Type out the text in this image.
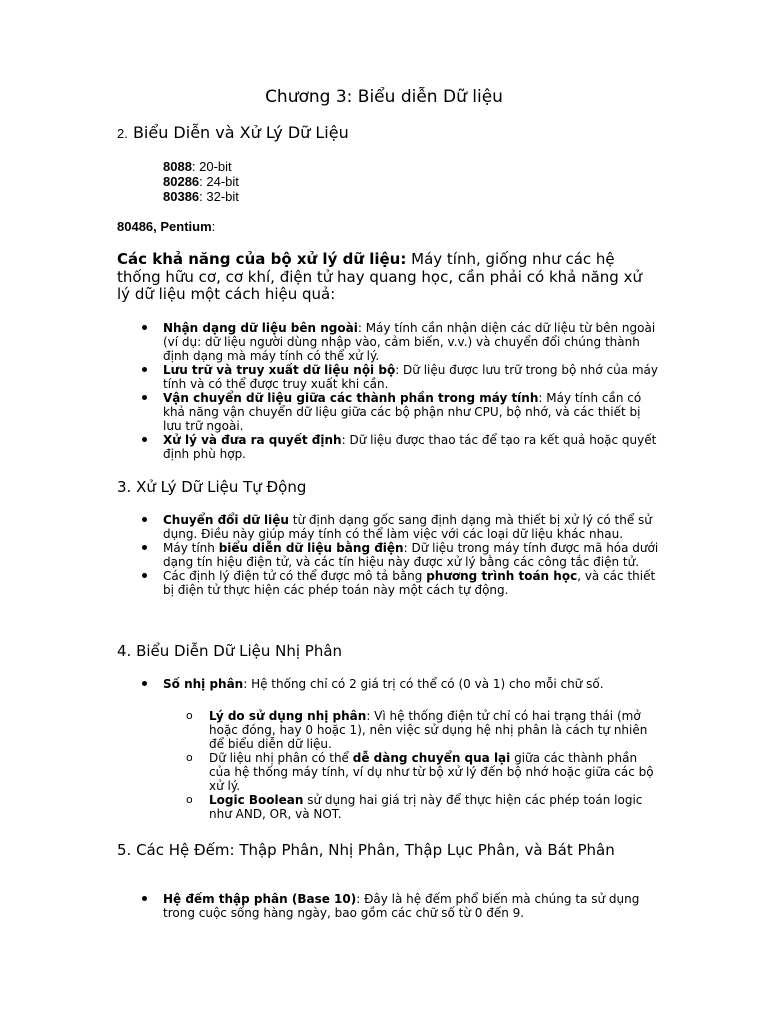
Chương 3: Biểu diễn Dữ liệu
2. Biểu Diễn và Xử Lý Dữ Liệu
8088: 20-bit
80286: 24-bit
80386: 32-bit
80486, Pentium:

Các khả năng của bộ xử lý dữ liệu: Máy tính, giống như các hệ thống hữu cơ, cơ khí, điện tử hay quang học, cần phải có khả năng xử lý dữ liệu một cách hiệu quả:

Nhận dạng dữ liệu bên ngoài: Máy tính cần nhận diện các dữ liệu từ bên ngoài (ví dụ: dữ liệu người dùng nhập vào, cảm biến, v.v.) và chuyển đổi chúng thành định dạng mà máy tính có thể xử lý.
Lưu trữ và truy xuất dữ liệu nội bộ: Dữ liệu được lưu trữ trong bộ nhớ của máy tính và có thể được truy xuất khi cần.
Vận chuyển dữ liệu giữa các thành phần trong máy tính: Máy tính cần có khả năng vận chuyển dữ liệu giữa các bộ phận như CPU, bộ nhớ, và các thiết bị lưu trữ ngoài.
Xử lý và đưa ra quyết định: Dữ liệu được thao tác để tạo ra kết quả hoặc quyết định phù hợp.
3. Xử Lý Dữ Liệu Tự Động
Chuyển đổi dữ liệu từ định dạng gốc sang định dạng mà thiết bị xử lý có thể sử dụng. Điều này giúp máy tính có thể làm việc với các loại dữ liệu khác nhau.
Máy tính biểu diễn dữ liệu bằng điện: Dữ liệu trong máy tính được mã hóa dưới dạng tín hiệu điện tử, và các tín hiệu này được xử lý bằng các công tắc điện tử.
Các định lý điện tử có thể được mô tả bằng phương trình toán học, và các thiết bị điện tử thực hiện các phép toán này một cách tự động.
4. Biểu Diễn Dữ Liệu Nhị Phân
Số nhị phân: Hệ thống chỉ có 2 giá trị có thể có (0 và 1) cho mỗi chữ số.
o Lý do sử dụng nhị phân: Vì hệ thống điện tử chỉ có hai trạng thái (mở hoặc đóng, hay 0 hoặc 1), nên việc sử dụng hệ nhị phân là cách tự nhiên để biểu diễn dữ liệu.
o Dữ liệu nhị phân có thể dễ dàng chuyển qua lại giữa các thành phần của hệ thống máy tính, ví dụ như từ bộ xử lý đến bộ nhớ hoặc giữa các bộ xử lý.
o Logic Boolean sử dụng hai giá trị này để thực hiện các phép toán logic như AND, OR, và NOT.
5. Các Hệ Đếm: Thập Phân, Nhị Phân, Thập Lục Phân, và Bát Phân
Hệ đếm thập phân (Base 10): Đây là hệ đếm phổ biến mà chúng ta sử dụng trong cuộc sống hàng ngày, bao gồm các chữ số từ 0 đến 9.
